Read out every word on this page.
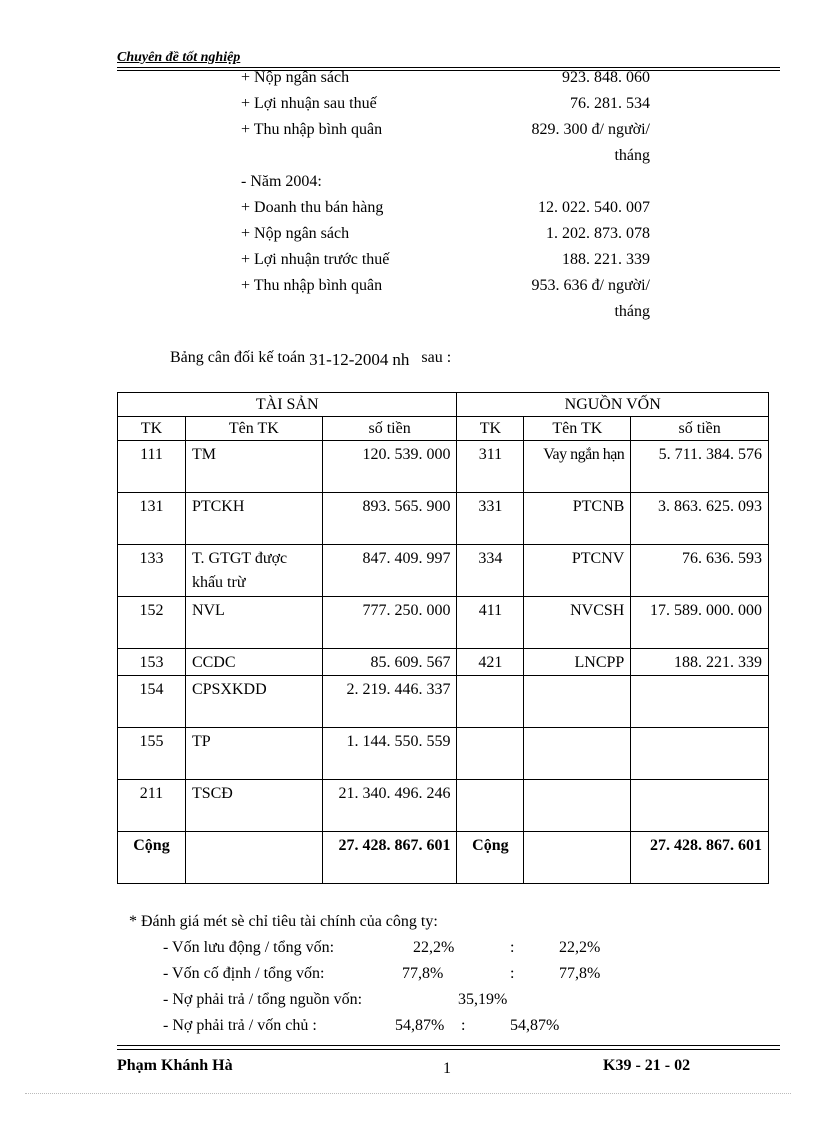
Chuyên đề tốt nghiệp
+ Nộp ngân sách	923. 848. 060
+ Lợi nhuận sau thuế	76. 281. 534
+ Thu nhập bình quân	829. 300 đ/ người/
tháng
- Năm 2004:
+ Doanh thu bán hàng	12. 022. 540. 007
+ Nộp ngân sách	1. 202. 873. 078
+ Lợi nhuận trước thuế	188. 221. 339
+ Thu nhập bình quân	953. 636 đ/ người/
tháng
Bảng cân đối kế toán 31-12-2004 nh sau :
TÀI SẢN			NGUỒN VỐN		
TK	Tên TK	số tiền	TK	Tên TK	số tiền
111	TM	120. 539. 000	311	Vay ngắn hạn	5. 711. 384. 576
131	PTCKH	893. 565. 900	331	PTCNB	3. 863. 625. 093
133	T. GTGT được khấu trừ	847. 409. 997	334	PTCNV	76. 636. 593
152	NVL	777. 250. 000	411	NVCSH	17. 589. 000. 000
153	CCDC	85. 609. 567	421	LNCPP	188. 221. 339
154	CPSXKDD	2. 219. 446. 337			
155	TP	1. 144. 550. 559			
211	TSCĐ	21. 340. 496. 246			
Cộng		27. 428. 867. 601	Cộng		27. 428. 867. 601
* Đánh giá mét sè chỉ tiêu tài chính của công ty:
- Vốn lưu động / tổng vốn:	22,2%	:	22,2%
- Vốn cố định / tổng vốn:	77,8%	:	77,8%
- Nợ phải trả / tổng nguồn vốn:	35,19%
- Nợ phải trả / vốn chủ :	54,87% :	54,87%
Phạm Khánh Hà	1	K39 - 21 - 02
